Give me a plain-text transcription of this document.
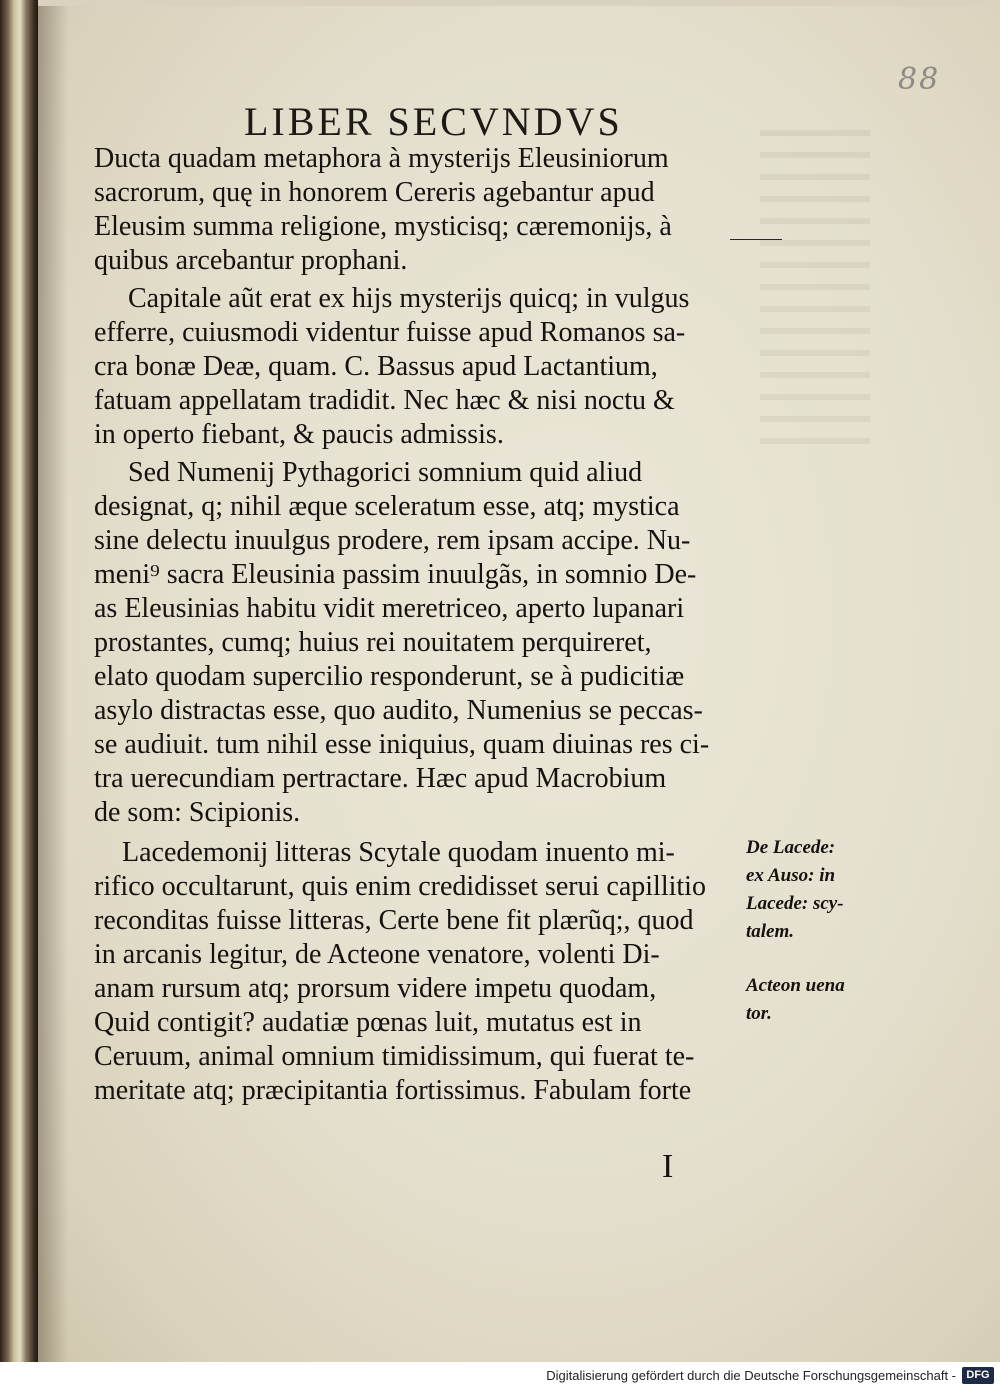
88
LIBER SECVNDVS
Ducta quadam metaphora à mysterijs Eleusiniorum
sacrorum, quę in honorem Cereris agebantur apud
Eleusim summa religione, mysticisq; cæremonijs, à
quibus arcebantur prophani.
Capitale aũt erat ex hijs mysterijs quicq; in vulgus
efferre, cuiusmodi videntur fuisse apud Romanos sa-
cra bonæ Deæ, quam. C. Bassus apud Lactantium,
fatuam appellatam tradidit. Nec hæc & nisi noctu &
in operto fiebant, & paucis admissis.
Sed Numenij Pythagorici somnium quid aliud
designat, q; nihil æque sceleratum esse, atq; mystica
sine delectu inuulgus prodere, rem ipsam accipe. Nu-
meni⁹ sacra Eleusinia passim inuulgãs, in somnio De-
as Eleusinias habitu vidit meretriceo, aperto lupanari
prostantes, cumq; huius rei nouitatem perquireret,
elato quodam supercilio responderunt, se à pudicitiæ
asylo distractas esse, quo audito, Numenius se peccas-
se audiuit. tum nihil esse iniquius, quam diuinas res ci-
tra uerecundiam pertractare. Hæc apud Macrobium
de som: Scipionis.
Lacedemonij litteras Scytale quodam inuento mi-
rifico occultarunt, quis enim credidisset serui capillitio
reconditas fuisse litteras, Certe bene fit plærũq;, quod
in arcanis legitur, de Acteone venatore, volenti Di-
anam rursum atq; prorsum videre impetu quodam,
Quid contigit? audatiæ pœnas luit, mutatus est in
Ceruum, animal omnium timidissimum, qui fuerat te-
meritate atq; præcipitantia fortissimus. Fabulam forte
De Lacede:
ex Auso: in
Lacede: scy-
talem.
Acteon uena
tor.
I
Digitalisierung gefördert durch die Deutsche Forschungsgemeinschaft - DFG
